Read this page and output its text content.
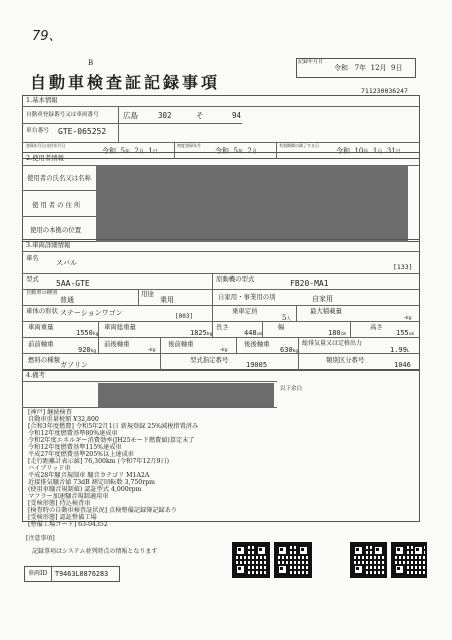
79、
B
自動車検査証記録事項
記録年月日
令和 7年 12月 9日
711230036247
1.基本情報
自動車登録番号又は車両番号	広島	302	そ	94
車台番号 GTE-065252
登録年月日/交付年月日
令和 5年 2月 1日
初度登録年月
令和 5年 2月
有効期間の満了する日
令和 10年 1月 31日
2.使用者情報
使用者の氏名又は名称
使用者の住所
使用の本拠の位置
3.車両詳細情報
車名
スバル	[133]
型式 5AA-GTE	原動機の型式	FB20-MA1
自動車の種別
普通
用途
乗用	自家用・事業用の別	自家用
車体の形状 ステーションワゴン	[003]
乗車定員
5人
最大積載量
-kg
車両重量
1550kg
車両総重量
1825kg
長さ
448cm
幅
180cm
高さ
155cm
前前軸重
920kg
前後軸重
-kg
後前軸重
-kg
後後軸重
630kg
総排気量又は定格出力
1.99L
燃料の種類
ガソリン
型式指定番号
19005
類別区分番号
1046
4.備考
以下余白
[神戸] 継続検査
自動車重量税額 ¥32,800
[合和3年度燃費] 令和5年2月1日 新規登録 25%減税措置済み
令和12年度燃費基準80%達成車
令和2年度エネルギー消費効率(JH25モード燃費値)算定未了
令和12年度燃費基準115%達成車
平成27年度燃費基準205%以上達成車
[走行距離計表示値] 76,300km (令和7年12月9日)
ハイブリッド車
平成28年騒音規制車 騒音カテゴリ M1A2A
近接排気騒音値 73dB 測定回転数 3,750rpm
(使用車騒音規制値) 認証型式 4,000rpm
マフラー加速騒音規制適用車
[受検形態] 持込検査車
[検査時の自動車検査証状況] 点検整備記録簿記録あり
[受検形態] 認証整備工場
[整備工場コード] 63-04352
[注意事項]
記録事項はシステム並列時点の情報となります
車両ID T9463L0876283
